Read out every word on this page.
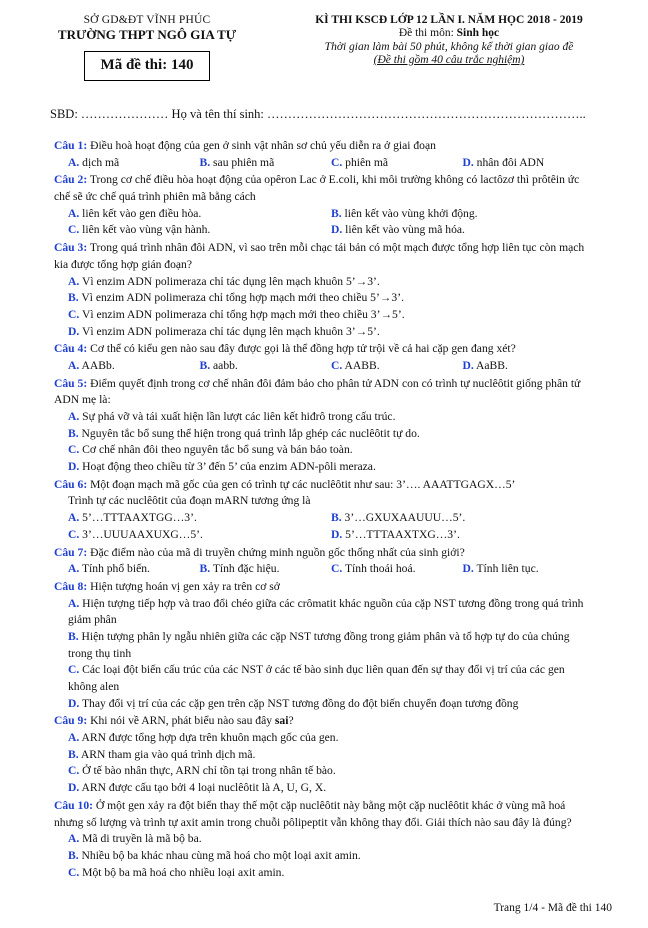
SỞ GD&ĐT VĨNH PHÚC
TRƯỜNG THPT NGÔ GIA TỰ
Mã đề thi: 140
KÌ THI KSCĐ LỚP 12 LẦN I. NĂM HỌC 2018 - 2019
Đề thi môn: Sinh học
Thời gian làm bài 50 phút, không kể thời gian giao đề
(Đề thi gồm 40 câu trắc nghiệm)
SBD: ………………… Họ và tên thí sinh: …………………………………………………………………..
Câu 1: Điều hoà hoạt động của gen ở sinh vật nhân sơ chủ yếu diễn ra ở giai đoạn
A. dịch mã	B. sau phiên mã	C. phiên mã	D. nhân đôi ADN
Câu 2: Trong cơ chế điều hòa hoạt động của opêron Lac ở E.coli, khi môi trường không có lactôzơ thì prôtêin ức chế sẽ ức chế quá trình phiên mã bằng cách
A. liên kết vào gen điều hòa.	B. liên kết vào vùng khởi động.
C. liên kết vào vùng vận hành.	D. liên kết vào vùng mã hóa.
Câu 3: Trong quá trình nhân đôi ADN, vì sao trên mỗi chạc tái bản có một mạch được tổng hợp liên tục còn mạch kia được tổng hợp gián đoạn?
A. Vì enzim ADN polimeraza chỉ tác dụng lên mạch khuôn 5’→3’.
B. Vì enzim ADN polimeraza chỉ tổng hợp mạch mới theo chiều 5’→3’.
C. Vì enzim ADN polimeraza chỉ tổng hợp mạch mới theo chiều 3’→5’.
D. Vì enzim ADN polimeraza chỉ tác dụng lên mạch khuôn 3’→5’.
Câu 4: Cơ thể có kiểu gen nào sau đây được gọi là thể đồng hợp tử trội về cả hai cặp gen đang xét?
A. AABb.	B. aabb.	C. AABB.	D. AaBB.
Câu 5: Điểm quyết định trong cơ chế nhân đôi đảm bảo cho phân tử ADN con có trình tự nuclêôtit giống phân tử ADN mẹ là:
A. Sự phá vỡ và tái xuất hiện lần lượt các liên kết hiđrô trong cấu trúc.
B. Nguyên tắc bổ sung thể hiện trong quá trình lắp ghép các nuclêôtit tự do.
C. Cơ chế nhân đôi theo nguyên tắc bổ sung và bán bảo toàn.
D. Hoạt động theo chiều từ 3’ đến 5’ của enzim ADN-pôli meraza.
Câu 6: Một đoạn mạch mã gốc của gen có trình tự các nuclêôtit như sau: 3’…. AAATTGAGX…5’
Trình tự các nuclêôtit của đoạn mARN tương ứng là
A. 5’…TTTAAXTGG…3’.	B. 3’…GXUXAAUUU…5’.
C. 3’…UUUAAXUXG…5’.	D. 5’…TTTAAXTXG…3’.
Câu 7: Đặc điểm nào của mã di truyền chứng minh nguồn gốc thống nhất của sinh giới?
A. Tính phổ biến.	B. Tính đặc hiệu.	C. Tính thoái hoá.	D. Tính liên tục.
Câu 8: Hiện tượng hoán vị gen xảy ra trên cơ sở
A. Hiện tượng tiếp hợp và trao đổi chéo giữa các crômatit khác nguồn của cặp NST tương đồng trong quá trình giảm phân
B. Hiện tượng phân ly ngẫu nhiên giữa các cặp NST tương đồng trong giảm phân và tổ hợp tự do của chúng trong thụ tinh
C. Các loại đột biến cấu trúc của các NST ở các tế bào sinh dục liên quan đến sự thay đổi vị trí của các gen không alen
D. Thay đổi vị trí của các cặp gen trên cặp NST tương đồng do đột biến chuyển đoạn tương đồng
Câu 9: Khi nói về ARN, phát biểu nào sau đây sai?
A. ARN được tổng hợp dựa trên khuôn mạch gốc của gen.
B. ARN tham gia vào quá trình dịch mã.
C. Ở tế bào nhân thực, ARN chỉ tồn tại trong nhân tế bào.
D. ARN được cấu tạo bởi 4 loại nuclêôtit là A, U, G, X.
Câu 10: Ở một gen xảy ra đột biến thay thế một cặp nuclêôtit này bằng một cặp nuclêôtit khác ở vùng mã hoá nhưng số lượng và trình tự axit amin trong chuỗi pôlipeptit vẫn không thay đổi. Giải thích nào sau đây là đúng?
A. Mã di truyền là mã bộ ba.
B. Nhiều bộ ba khác nhau cùng mã hoá cho một loại axit amin.
C. Một bộ ba mã hoá cho nhiều loại axit amin.
Trang 1/4 - Mã đề thi 140
